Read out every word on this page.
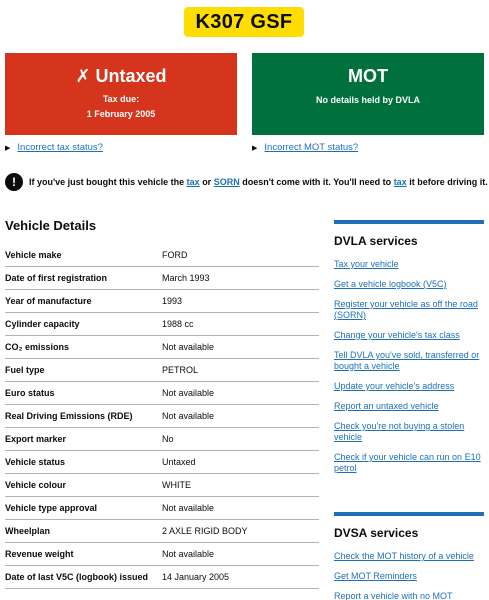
K307 GSF
✗ Untaxed
Tax due:
1 February 2005
MOT
No details held by DVLA
▶ Incorrect tax status?	▶ Incorrect MOT status?
!	If you've just bought this vehicle the tax or SORN doesn't come with it. You'll need to tax it before driving it.
Vehicle Details
Vehicle make	FORD
Date of first registration	March 1993
Year of manufacture	1993
Cylinder capacity	1988 cc
CO₂ emissions	Not available
Fuel type	PETROL
Euro status	Not available
Real Driving Emissions (RDE)	Not available
Export marker	No
Vehicle status	Untaxed
Vehicle colour	WHITE
Vehicle type approval	Not available
Wheelplan	2 AXLE RIGID BODY
Revenue weight	Not available
Date of last V5C (logbook) issued	14 January 2005
DVLA services
Tax your vehicle
Get a vehicle logbook (V5C)
Register your vehicle as off the road (SORN)
Change your vehicle's tax class
Tell DVLA you've sold, transferred or bought a vehicle
Update your vehicle's address
Report an untaxed vehicle
Check you're not buying a stolen vehicle
Check if your vehicle can run on E10 petrol
DVSA services
Check the MOT history of a vehicle
Get MOT Reminders
Report a vehicle with no MOT
